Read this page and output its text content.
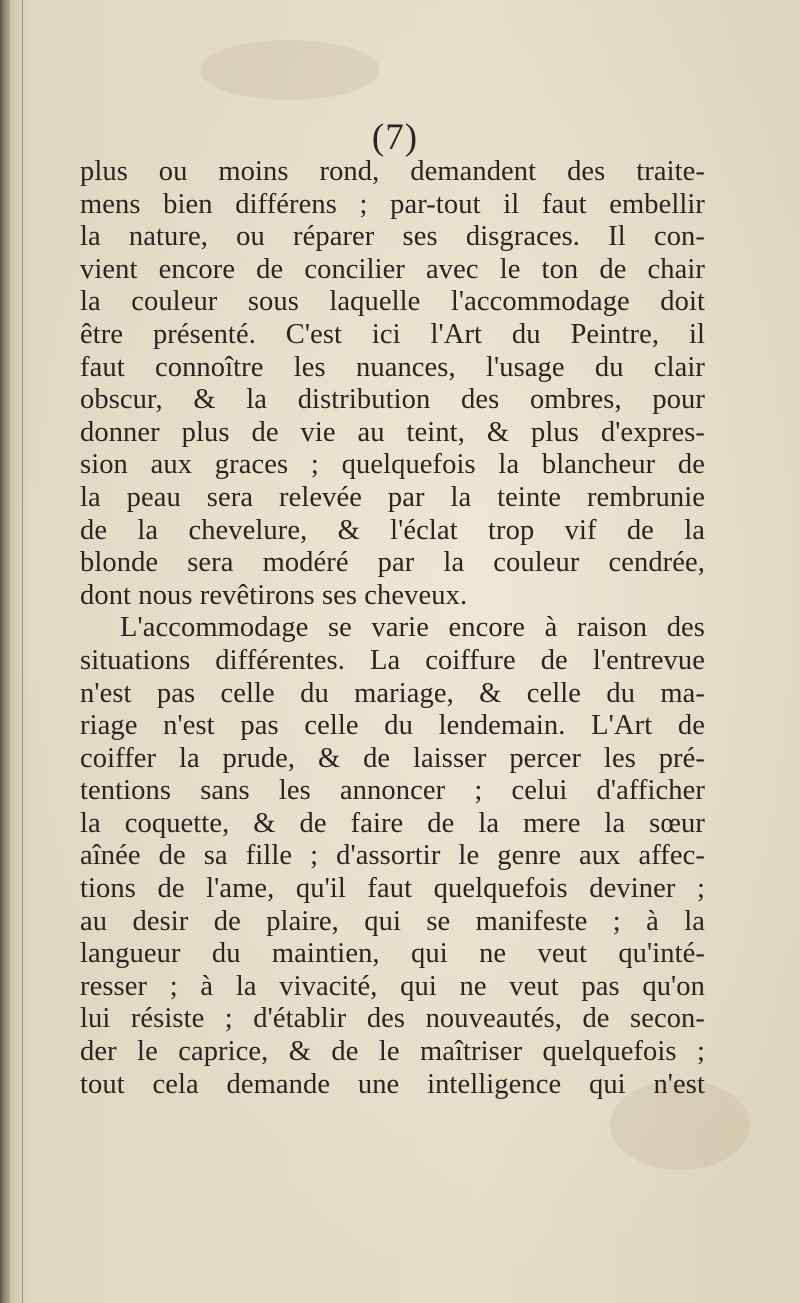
(7)
plus ou moins rond, demandent des traite-
mens bien différens ; par-tout il faut embellir
la nature, ou réparer ses disgraces. Il con-
vient encore de concilier avec le ton de chair
la couleur sous laquelle l'accommodage doit
être présenté. C'est ici l'Art du Peintre, il
faut connoître les nuances, l'usage du clair
obscur, & la distribution des ombres, pour
donner plus de vie au teint, & plus d'expres-
sion aux graces ; quelquefois la blancheur de
la peau sera relevée par la teinte rembrunie
de la chevelure, & l'éclat trop vif de la
blonde sera modéré par la couleur cendrée,
dont nous revêtirons ses cheveux.
L'accommodage se varie encore à raison des
situations différentes. La coiffure de l'entrevue
n'est pas celle du mariage, & celle du ma-
riage n'est pas celle du lendemain. L'Art de
coiffer la prude, & de laisser percer les pré-
tentions sans les annoncer ; celui d'afficher
la coquette, & de faire de la mere la sœur
aînée de sa fille ; d'assortir le genre aux affec-
tions de l'ame, qu'il faut quelquefois deviner ;
au desir de plaire, qui se manifeste ; à la
langueur du maintien, qui ne veut qu'inté-
resser ; à la vivacité, qui ne veut pas qu'on
lui résiste ; d'établir des nouveautés, de secon-
der le caprice, & de le maîtriser quelquefois ;
tout cela demande une intelligence qui n'est
